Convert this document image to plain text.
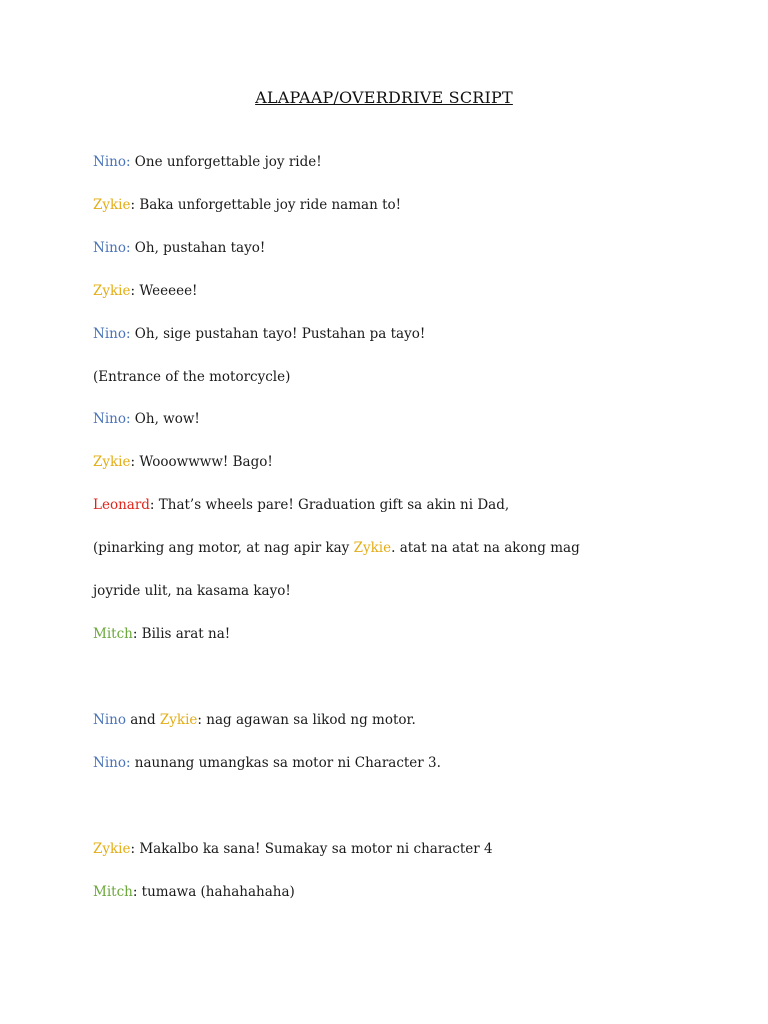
ALAPAAP/OVERDRIVE SCRIPT
Nino: One unforgettable joy ride!
Zykie: Baka unforgettable joy ride naman to!
Nino: Oh, pustahan tayo!
Zykie: Weeeee!
Nino: Oh, sige pustahan tayo! Pustahan pa tayo!
(Entrance of the motorcycle)
Nino: Oh, wow!
Zykie: Wooowwww! Bago!
Leonard: That’s wheels pare! Graduation gift sa akin ni Dad,
(pinarking ang motor, at nag apir kay Zykie. atat na atat na akong mag
joyride ulit, na kasama kayo!
Mitch: Bilis arat na!
Nino and Zykie: nag agawan sa likod ng motor.
Nino: naunang umangkas sa motor ni Character 3.
Zykie: Makalbo ka sana! Sumakay sa motor ni character 4
Mitch: tumawa (hahahahaha)
